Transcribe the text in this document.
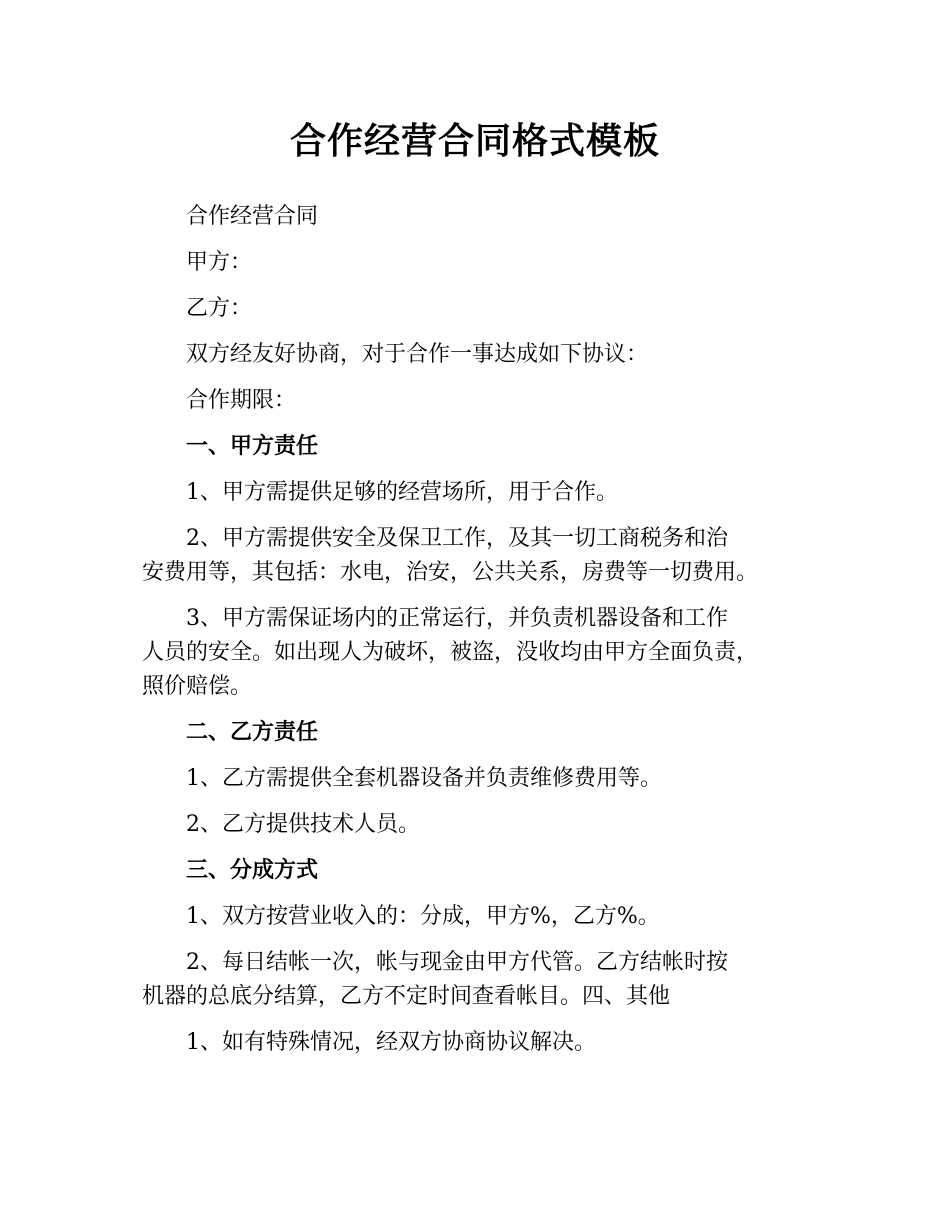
合作经营合同格式模板

合作经营合同

甲方：

乙方：

双方经友好协商，对于合作一事达成如下协议：

合作期限：

一、甲方责任

1、甲方需提供足够的经营场所，用于合作。

2、甲方需提供安全及保卫工作，及其一切工商税务和治
安费用等，其包括：水电，治安，公共关系，房费等一切费用。

3、甲方需保证场内的正常运行，并负责机器设备和工作
人员的安全。如出现人为破坏，被盗，没收均由甲方全面负责，
照价赔偿。

二、乙方责任

1、乙方需提供全套机器设备并负责维修费用等。

2、乙方提供技术人员。

三、分成方式

1、双方按营业收入的：分成，甲方%，乙方%。

2、每日结帐一次，帐与现金由甲方代管。乙方结帐时按
机器的总底分结算，乙方不定时间查看帐目。四、其他

1、如有特殊情况，经双方协商协议解决。
